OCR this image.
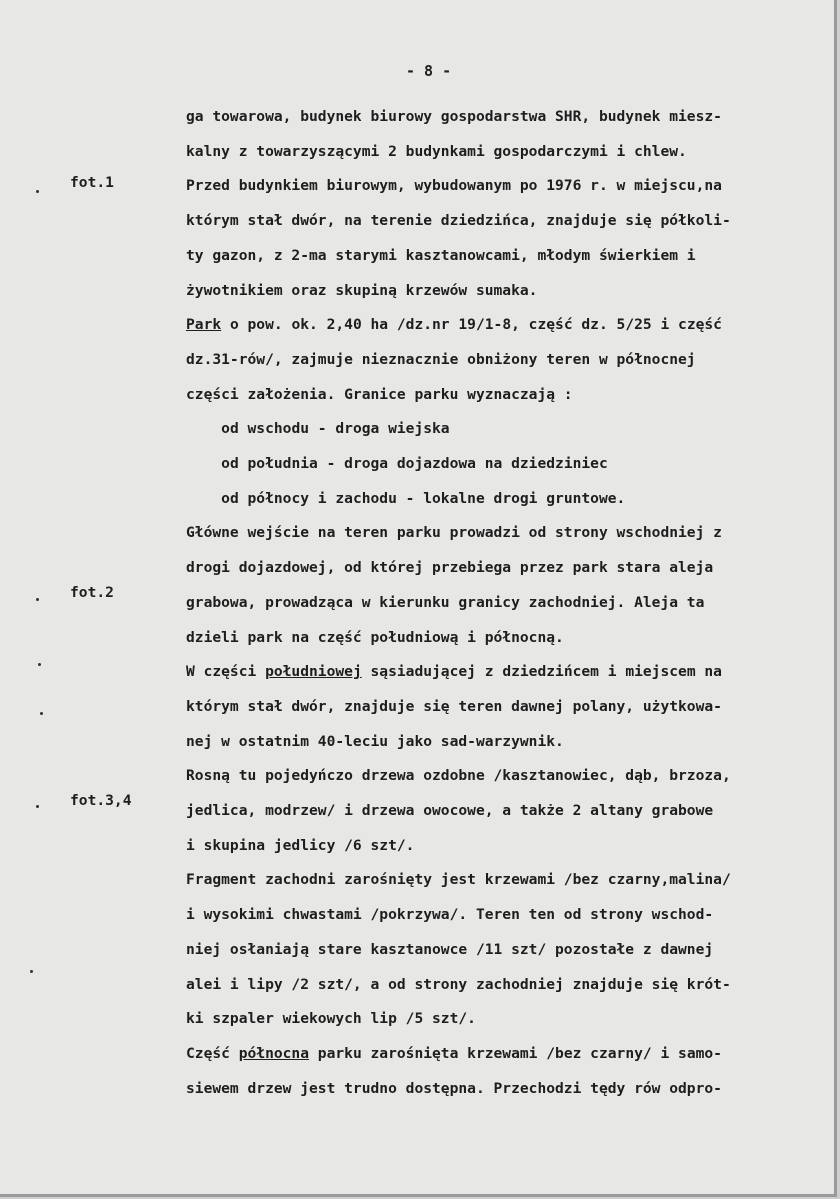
- 8 -
fot.1
fot.2
fot.3,4
ga towarowa, budynek biurowy gospodarstwa SHR, budynek miesz-
kalny z towarzyszącymi 2 budynkami gospodarczymi i chlew.
Przed budynkiem biurowym, wybudowanym po 1976 r. w miejscu,na
którym stał dwór, na terenie dziedzińca, znajduje się półkoli-
ty gazon, z 2-ma starymi kasztanowcami, młodym świerkiem i
żywotnikiem oraz skupiną krzewów sumaka.
Park o pow. ok. 2,40 ha /dz.nr 19/1-8, część dz. 5/25 i część
dz.31-rów/, zajmuje nieznacznie obniżony teren w północnej
części założenia. Granice parku wyznaczają :
od wschodu - droga wiejska
od południa - droga dojazdowa na dziedziniec
od północy i zachodu - lokalne drogi gruntowe.
Główne wejście na teren parku prowadzi od strony wschodniej z
drogi dojazdowej, od której przebiega przez park stara aleja
grabowa, prowadząca w kierunku granicy zachodniej. Aleja ta
dzieli park na część południową i północną.
W części południowej sąsiadującej z dziedzińcem i miejscem na
którym stał dwór, znajduje się teren dawnej polany, użytkowa-
nej w ostatnim 40-leciu jako sad-warzywnik.
Rosną tu pojedyńczo drzewa ozdobne /kasztanowiec, dąb, brzoza,
jedlica, modrzew/ i drzewa owocowe, a także 2 altany grabowe
i skupina jedlicy /6 szt/.
Fragment zachodni zarośnięty jest krzewami /bez czarny,malina/
i wysokimi chwastami /pokrzywa/. Teren ten od strony wschod-
niej osłaniają stare kasztanowce /11 szt/ pozostałe z dawnej
alei i lipy /2 szt/, a od strony zachodniej znajduje się krót-
ki szpaler wiekowych lip /5 szt/.
Część północna parku zarośnięta krzewami /bez czarny/ i samo-
siewem drzew jest trudno dostępna. Przechodzi tędy rów odpro-
